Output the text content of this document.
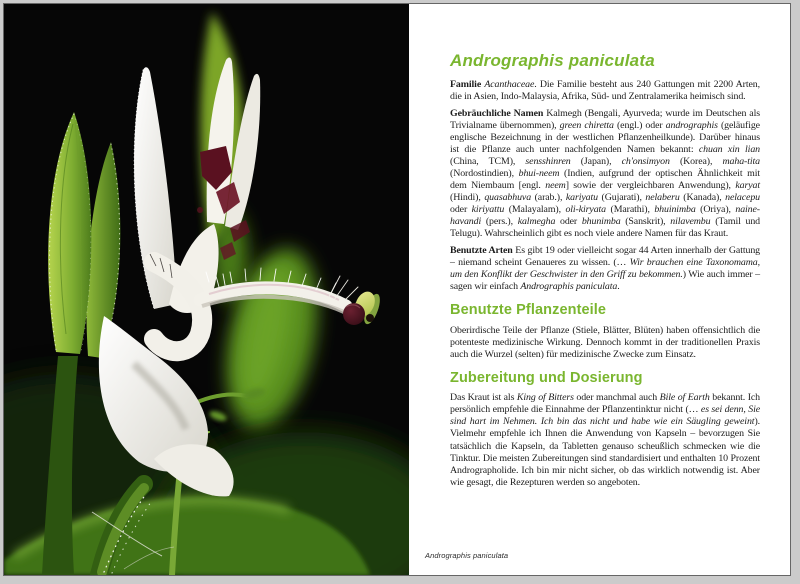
Andrographis paniculata

Familie Acanthaceae. Die Familie besteht aus 240 Gattungen mit 2200 Arten, die in Asien, Indo-Malaysia, Afrika, Süd- und Zentralamerika heimisch sind.

Gebräuchliche Namen Kalmegh (Bengali, Ayurveda; wurde im Deutschen als Trivialname übernommen), green chiretta (engl.) oder andrographis (geläufige englische Bezeichnung in der westlichen Pflanzenheilkunde). Darüber hinaus ist die Pflanze auch unter nachfolgenden Namen bekannt: chuan xin lian (China, TCM), sensshinren (Japan), ch'onsimyon (Korea), maha-tita (Nordostindien), bhui-neem (Indien, aufgrund der optischen Ähnlichkeit mit dem Niembaum [engl. neem] sowie der vergleichbaren Anwendung), karyat (Hindi), quasabhuva (arab.), kariyatu (Gujarati), nelaberu (Kanada), nelacepu oder kiriyattu (Malayalam), oli-kiryata (Marathi), bhuinimba (Oriya), naine-havandi (pers.), kalmegha oder bhunimba (Sanskrit), nilavembu (Tamil und Telugu). Wahrscheinlich gibt es noch viele andere Namen für das Kraut.

Benutzte Arten Es gibt 19 oder vielleicht sogar 44 Arten innerhalb der Gattung – niemand scheint Genaueres zu wissen. (… Wir brauchen eine Taxonomama, um den Konflikt der Geschwister in den Griff zu bekommen.) Wie auch immer – sagen wir einfach Andrographis paniculata.

Benutzte Pflanzenteile

Oberirdische Teile der Pflanze (Stiele, Blätter, Blüten) haben offensichtlich die potenteste medizinische Wirkung. Dennoch kommt in der traditionellen Praxis auch die Wurzel (selten) für medizinische Zwecke zum Einsatz.

Zubereitung und Dosierung

Das Kraut ist als King of Bitters oder manchmal auch Bile of Earth bekannt. Ich persönlich empfehle die Einnahme der Pflanzentinktur nicht (… es sei denn, Sie sind hart im Nehmen. Ich bin das nicht und habe wie ein Säugling geweint). Vielmehr empfehle ich Ihnen die Anwendung von Kapseln – bevorzugen Sie tatsächlich die Kapseln, da Tabletten genauso scheußlich schmecken wie die Tinktur. Die meisten Zubereitungen sind standardisiert und enthalten 10 Prozent Andrographolide. Ich bin mir nicht sicher, ob das wirklich notwendig ist. Aber wie gesagt, die Rezepturen werden so angeboten.

Andrographis paniculata
